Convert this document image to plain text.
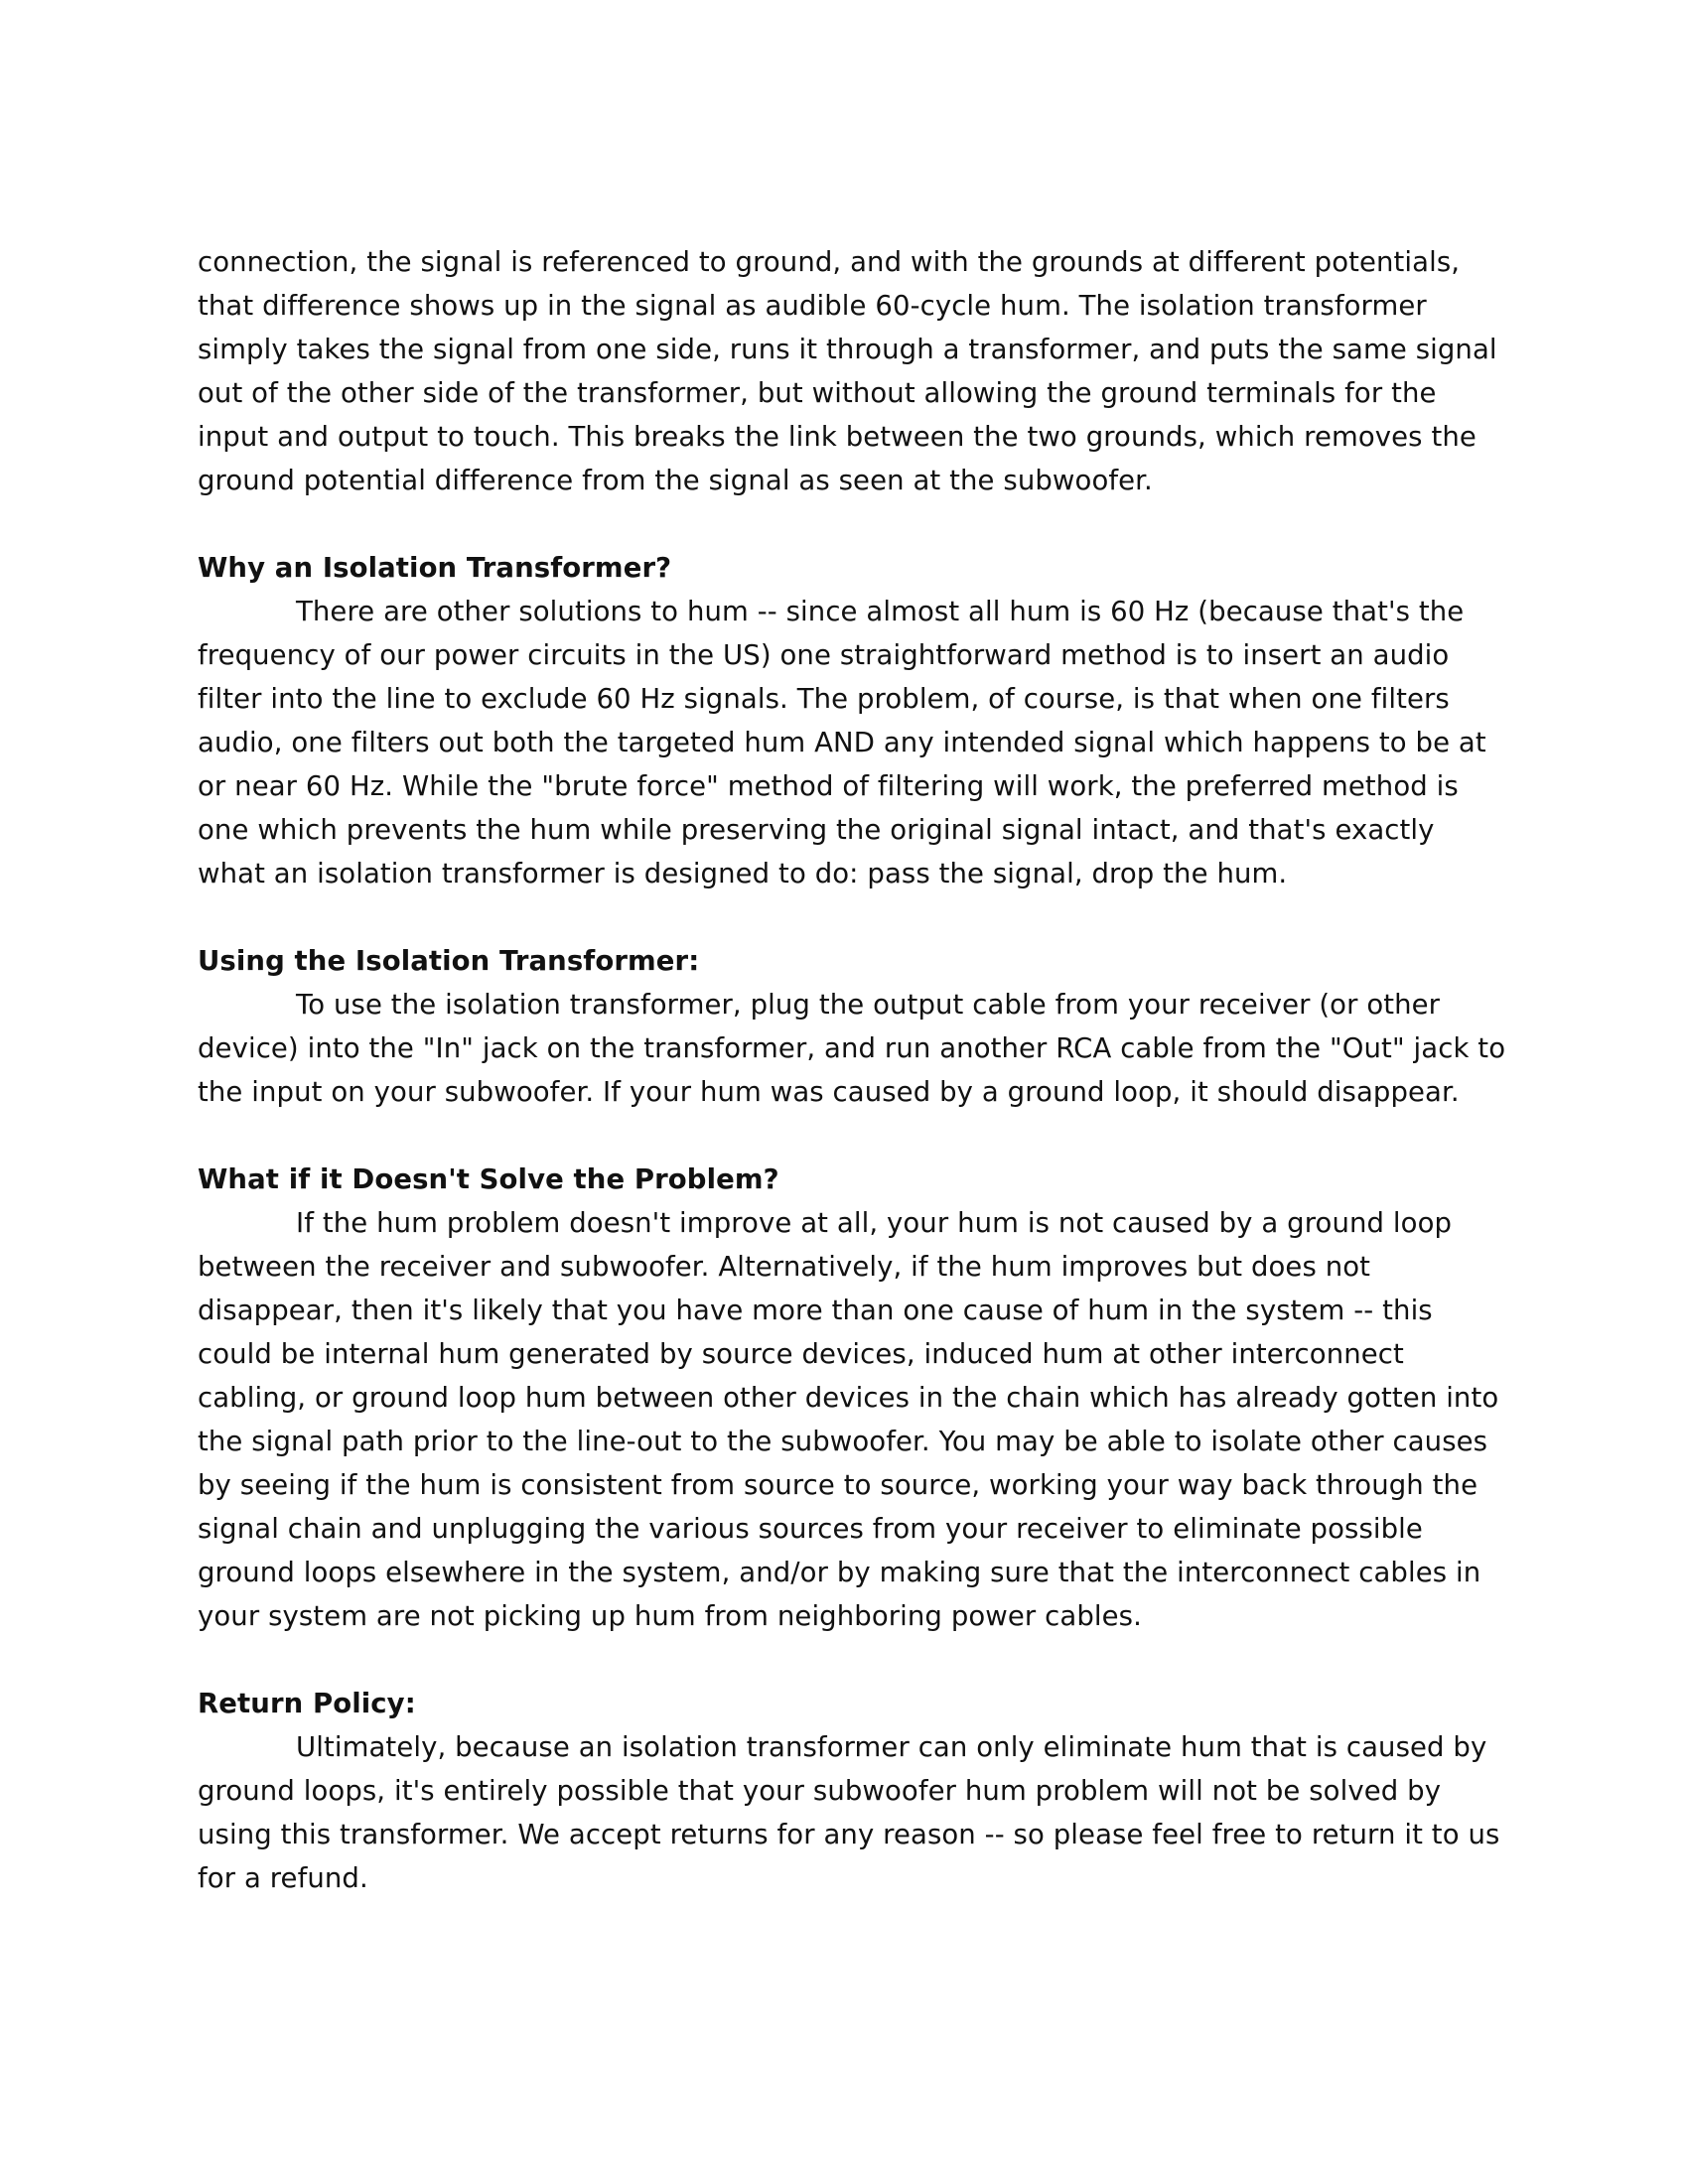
connection, the signal is referenced to ground, and with the grounds at different potentials, that difference shows up in the signal as audible 60-cycle hum. The isolation transformer simply takes the signal from one side, runs it through a transformer, and puts the same signal out of the other side of the transformer, but without allowing the ground terminals for the input and output to touch. This breaks the link between the two grounds, which removes the ground potential difference from the signal as seen at the subwoofer.

Why an Isolation Transformer?

There are other solutions to hum -- since almost all hum is 60 Hz (because that's the frequency of our power circuits in the US) one straightforward method is to insert an audio filter into the line to exclude 60 Hz signals. The problem, of course, is that when one filters audio, one filters out both the targeted hum AND any intended signal which happens to be at or near 60 Hz. While the "brute force" method of filtering will work, the preferred method is one which prevents the hum while preserving the original signal intact, and that's exactly what an isolation transformer is designed to do: pass the signal, drop the hum.

Using the Isolation Transformer:

To use the isolation transformer, plug the output cable from your receiver (or other device) into the "In" jack on the transformer, and run another RCA cable from the "Out" jack to the input on your subwoofer. If your hum was caused by a ground loop, it should disappear.

What if it Doesn't Solve the Problem?

If the hum problem doesn't improve at all, your hum is not caused by a ground loop between the receiver and subwoofer. Alternatively, if the hum improves but does not disappear, then it's likely that you have more than one cause of hum in the system -- this could be internal hum generated by source devices, induced hum at other interconnect cabling, or ground loop hum between other devices in the chain which has already gotten into the signal path prior to the line-out to the subwoofer. You may be able to isolate other causes by seeing if the hum is consistent from source to source, working your way back through the signal chain and unplugging the various sources from your receiver to eliminate possible ground loops elsewhere in the system, and/or by making sure that the interconnect cables in your system are not picking up hum from neighboring power cables.

Return Policy:

Ultimately, because an isolation transformer can only eliminate hum that is caused by ground loops, it's entirely possible that your subwoofer hum problem will not be solved by using this transformer. We accept returns for any reason -- so please feel free to return it to us for a refund.
